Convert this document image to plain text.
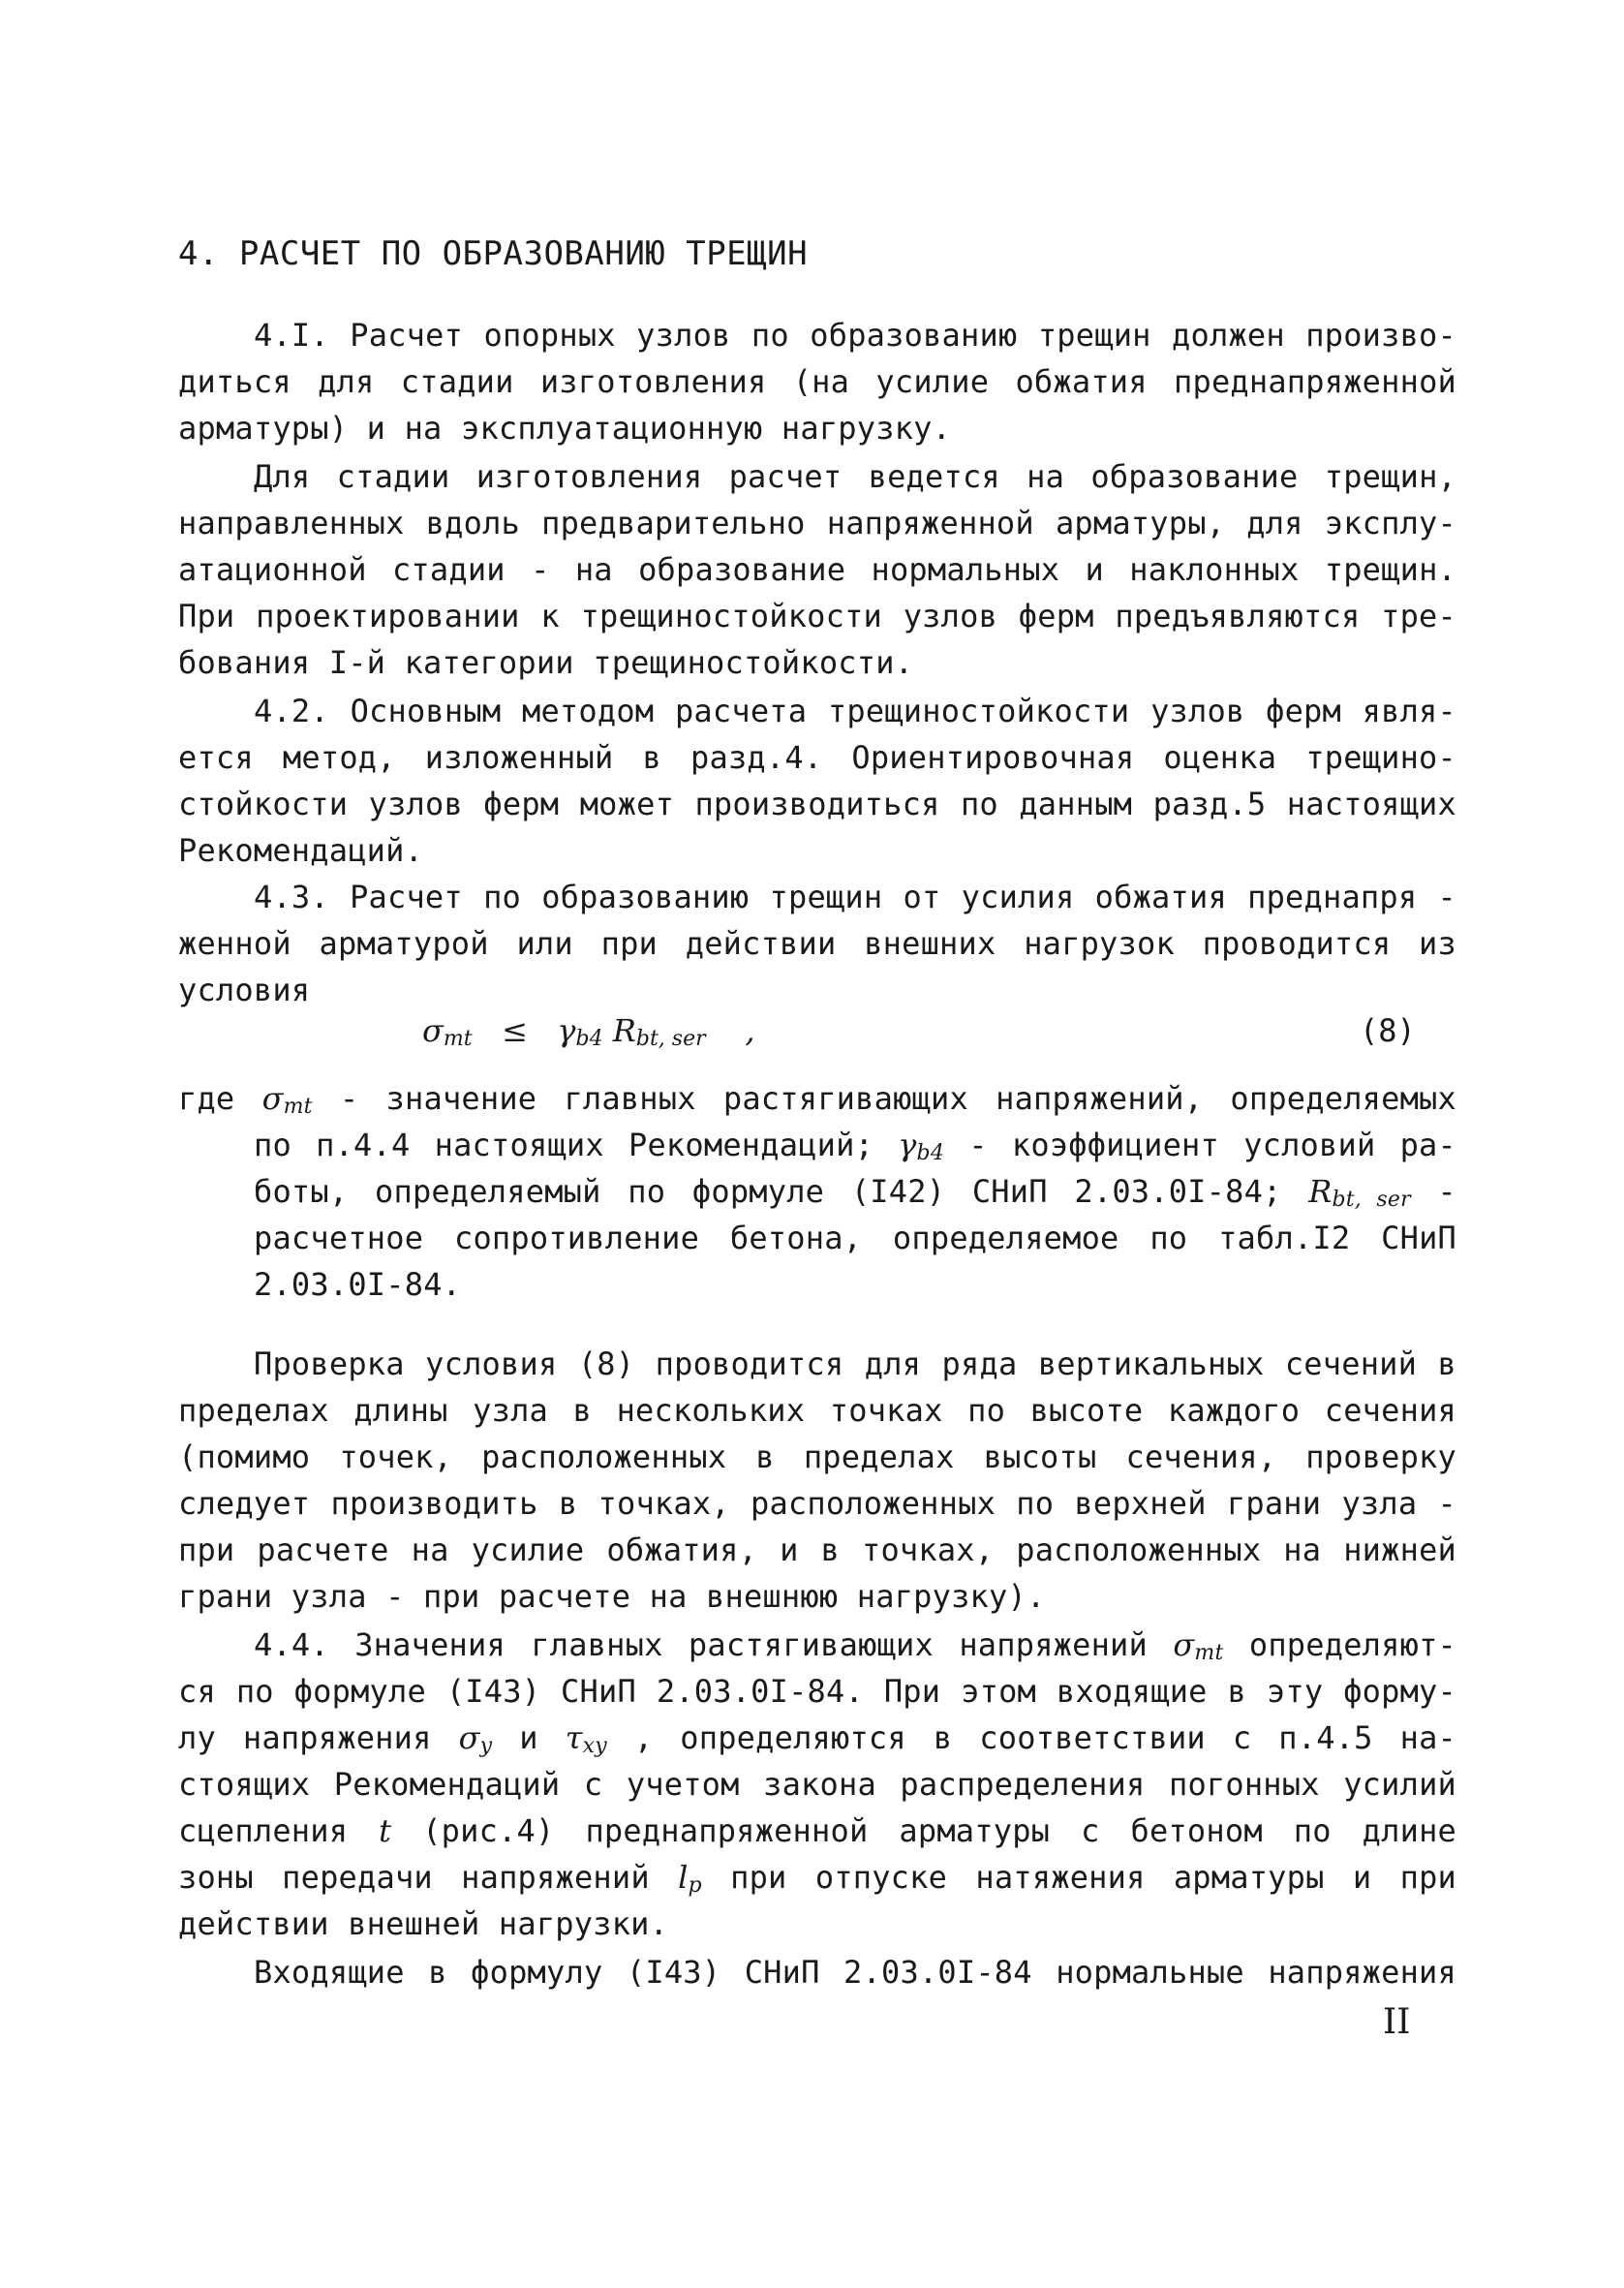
4. РАСЧЕТ ПО ОБРАЗОВАНИЮ ТРЕЩИН
4.I. Расчет опорных узлов по образованию трещин должен произво-
диться для стадии изготовления (на усилие обжатия преднапряженной
арматуры) и на эксплуатационную нагрузку.
Для стадии изготовления расчет ведется на образование трещин,
направленных вдоль предварительно напряженной арматуры, для эксплу-
атационной стадии - на образование нормальных и наклонных трещин.
При проектировании к трещиностойкости узлов ферм предъявляются тре-
бования I-й категории трещиностойкости.
4.2. Основным методом расчета трещиностойкости узлов ферм явля-
ется метод, изложенный в разд.4. Ориентировочная оценка трещино-
стойкости узлов ферм может производиться по данным разд.5 настоящих
Рекомендаций.
4.3. Расчет по образованию трещин от усилия обжатия преднапря -
женной арматурой или при действии внешних нагрузок проводится из
условия
$\sigma_{mt} \le \gamma_{b4}$ $R_{bt, ser}$ ,	(8)
где $\sigma_{mt}$ - значение главных растягивающих напряжений, определяемых
по п.4.4 настоящих Рекомендаций; $\gamma_{b4}$ - коэффициент условий ра-
боты, определяемый по формуле (I42) СНиП 2.03.0I-84; $R_{bt, ser}$ -
расчетное сопротивление бетона, определяемое по табл.I2 СНиП
2.03.0I-84.
Проверка условия (8) проводится для ряда вертикальных сечений в
пределах длины узла в нескольких точках по высоте каждого сечения
(помимо точек, расположенных в пределах высоты сечения, проверку
следует производить в точках, расположенных по верхней грани узла -
при расчете на усилие обжатия, и в точках, расположенных на нижней
грани узла - при расчете на внешнюю нагрузку).
4.4. Значения главных растягивающих напряжений $\sigma_{mt}$ определяют-
ся по формуле (I43) СНиП 2.03.0I-84. При этом входящие в эту форму-
лу напряжения $\sigma_y$ и $\tau_{xy}$ , определяются в соответствии с п.4.5 на-
стоящих Рекомендаций с учетом закона распределения погонных усилий
сцепления t (рис.4) преднапряженной арматуры с бетоном по длине
зоны передачи напряжений $l_p$ при отпуске натяжения арматуры и при
действии внешней нагрузки.
Входящие в формулу (I43) СНиП 2.03.0I-84 нормальные напряжения
II
